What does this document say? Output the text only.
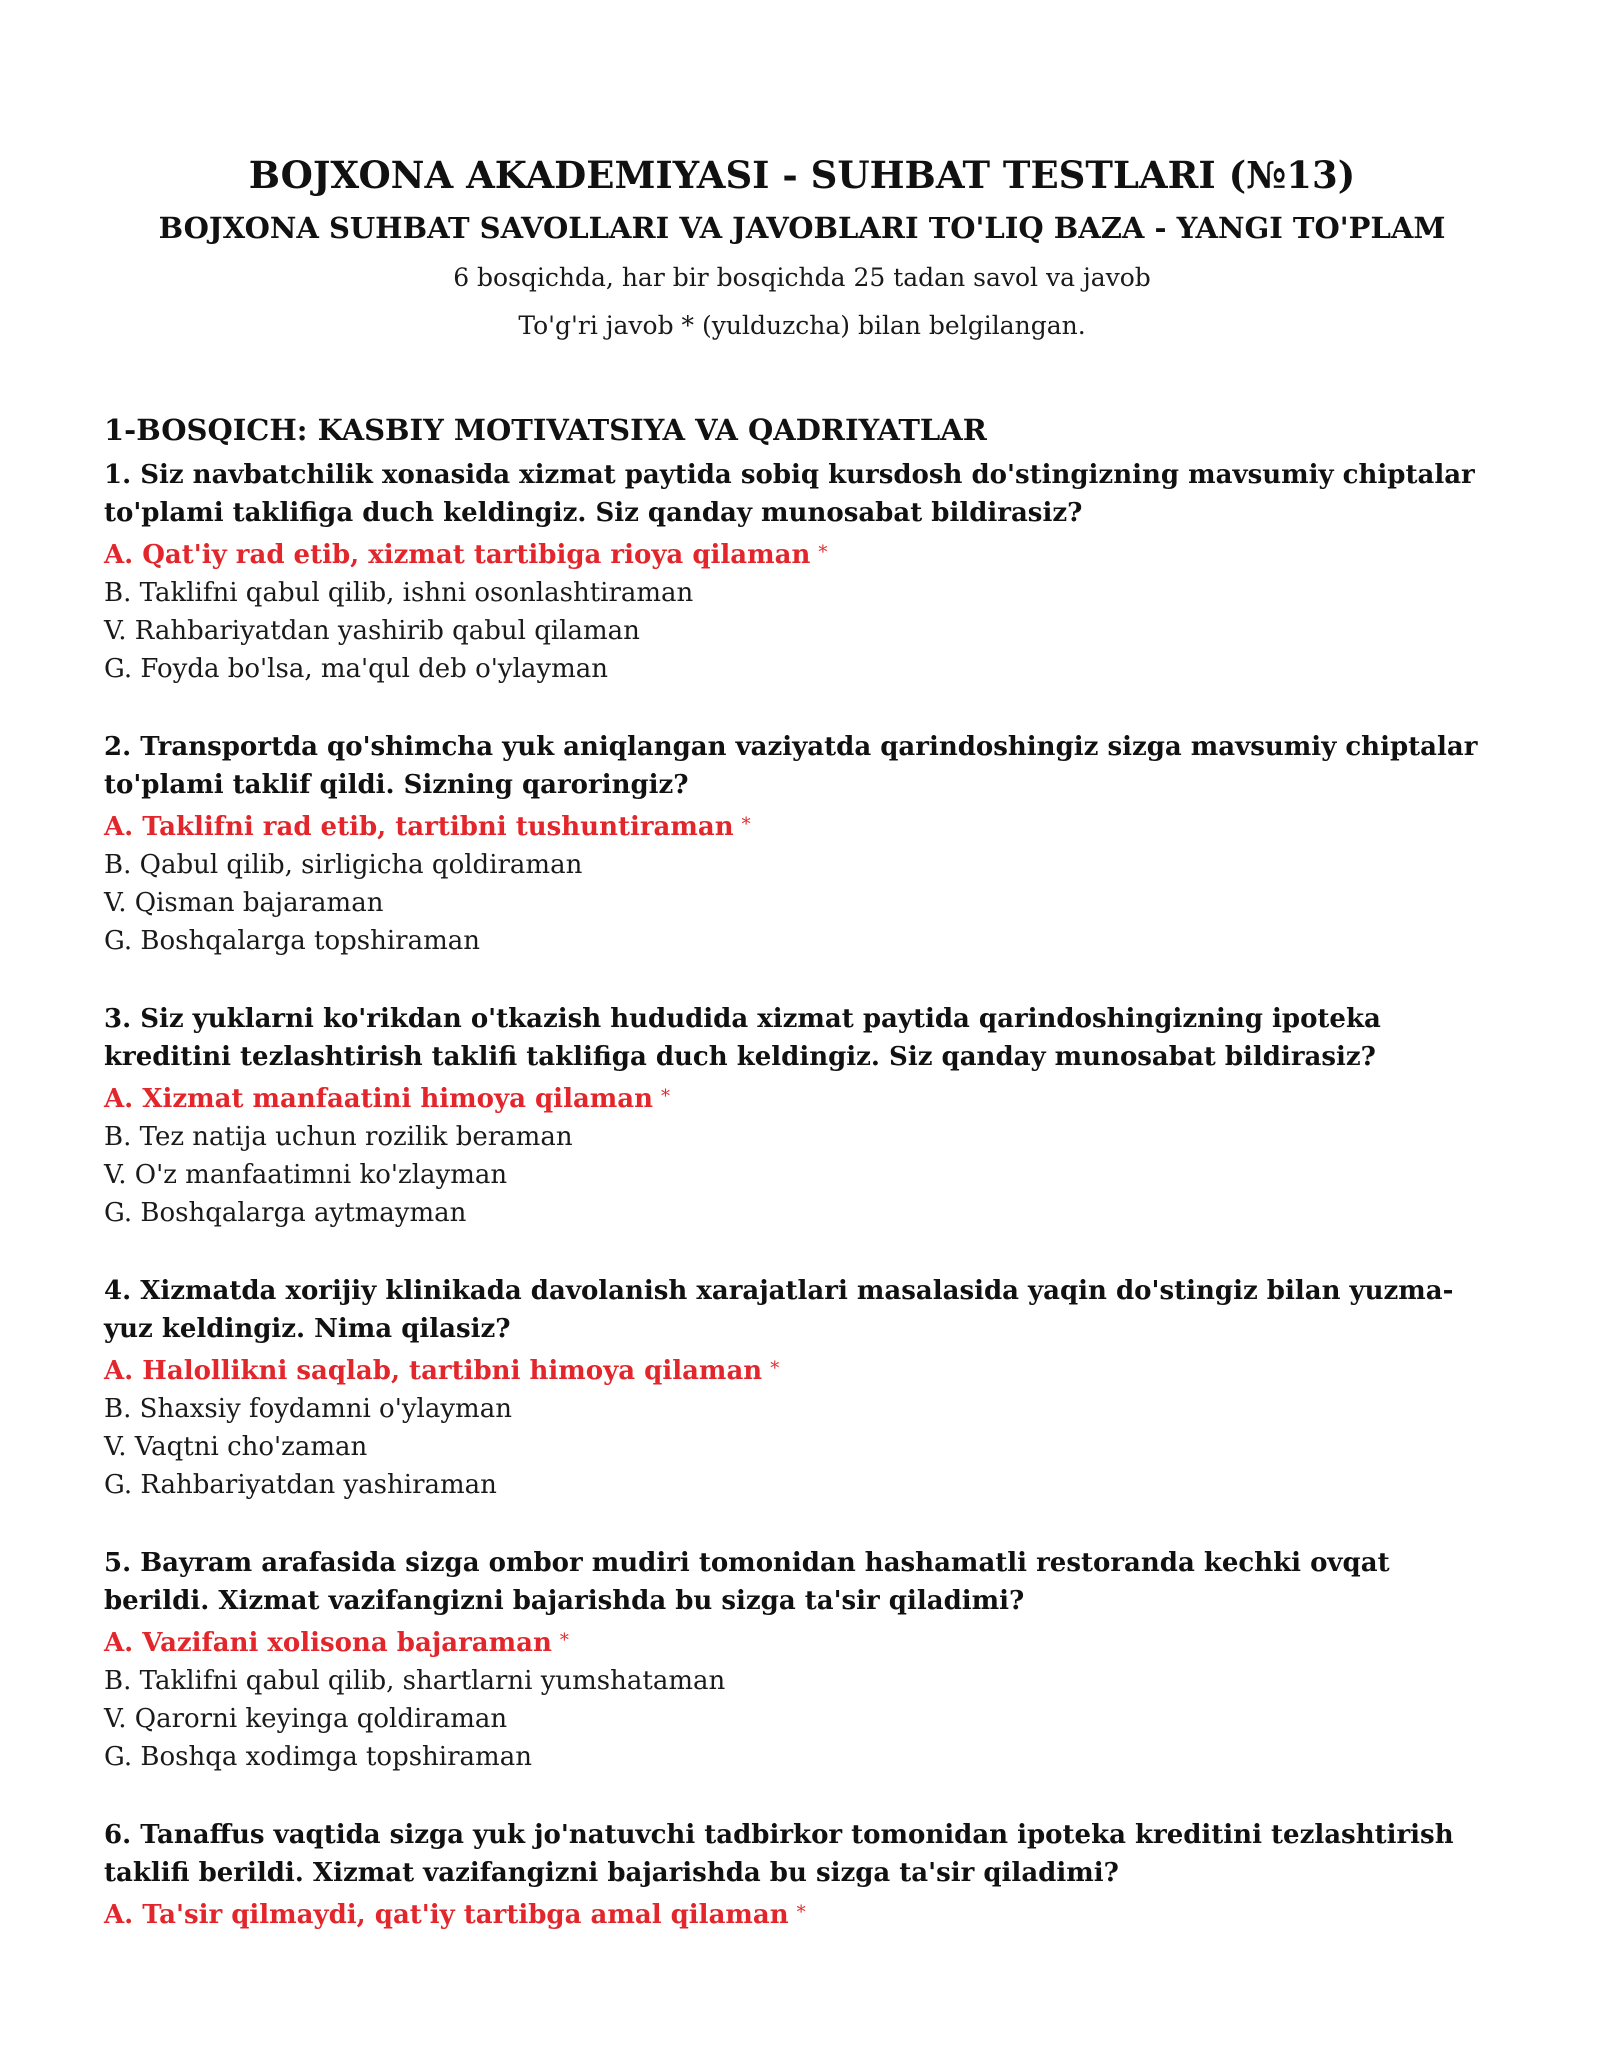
BOJXONA AKADEMIYASI - SUHBAT TESTLARI (№13)

BOJXONA SUHBAT SAVOLLARI VA JAVOBLARI TO'LIQ BAZA - YANGI TO'PLAM

6 bosqichda, har bir bosqichda 25 tadan savol va javob

To'g'ri javob * (yulduzcha) bilan belgilangan.

1-BOSQICH: KASBIY MOTIVATSIYA VA QADRIYATLAR

1. Siz navbatchilik xonasida xizmat paytida sobiq kursdosh do'stingizning mavsumiy chiptalar to'plami taklifiga duch keldingiz. Siz qanday munosabat bildirasiz?

A. Qat'iy rad etib, xizmat tartibiga rioya qilaman *

B. Taklifni qabul qilib, ishni osonlashtiraman

V. Rahbariyatdan yashirib qabul qilaman

G. Foyda bo'lsa, ma'qul deb o'ylayman

2. Transportda qo'shimcha yuk aniqlangan vaziyatda qarindoshingiz sizga mavsumiy chiptalar to'plami taklif qildi. Sizning qaroringiz?

A. Taklifni rad etib, tartibni tushuntiraman *

B. Qabul qilib, sirligicha qoldiraman

V. Qisman bajaraman

G. Boshqalarga topshiraman

3. Siz yuklarni ko'rikdan o'tkazish hududida xizmat paytida qarindoshingizning ipoteka kreditini tezlashtirish taklifi taklifiga duch keldingiz. Siz qanday munosabat bildirasiz?

A. Xizmat manfaatini himoya qilaman *

B. Tez natija uchun rozilik beraman

V. O'z manfaatimni ko'zlayman

G. Boshqalarga aytmayman

4. Xizmatda xorijiy klinikada davolanish xarajatlari masalasida yaqin do'stingiz bilan yuzma-yuz keldingiz. Nima qilasiz?

A. Halollikni saqlab, tartibni himoya qilaman *

B. Shaxsiy foydamni o'ylayman

V. Vaqtni cho'zaman

G. Rahbariyatdan yashiraman

5. Bayram arafasida sizga ombor mudiri tomonidan hashamatli restoranda kechki ovqat berildi. Xizmat vazifangizni bajarishda bu sizga ta'sir qiladimi?

A. Vazifani xolisona bajaraman *

B. Taklifni qabul qilib, shartlarni yumshataman

V. Qarorni keyinga qoldiraman

G. Boshqa xodimga topshiraman

6. Tanaffus vaqtida sizga yuk jo'natuvchi tadbirkor tomonidan ipoteka kreditini tezlashtirish taklifi berildi. Xizmat vazifangizni bajarishda bu sizga ta'sir qiladimi?

A. Ta'sir qilmaydi, qat'iy tartibga amal qilaman *
